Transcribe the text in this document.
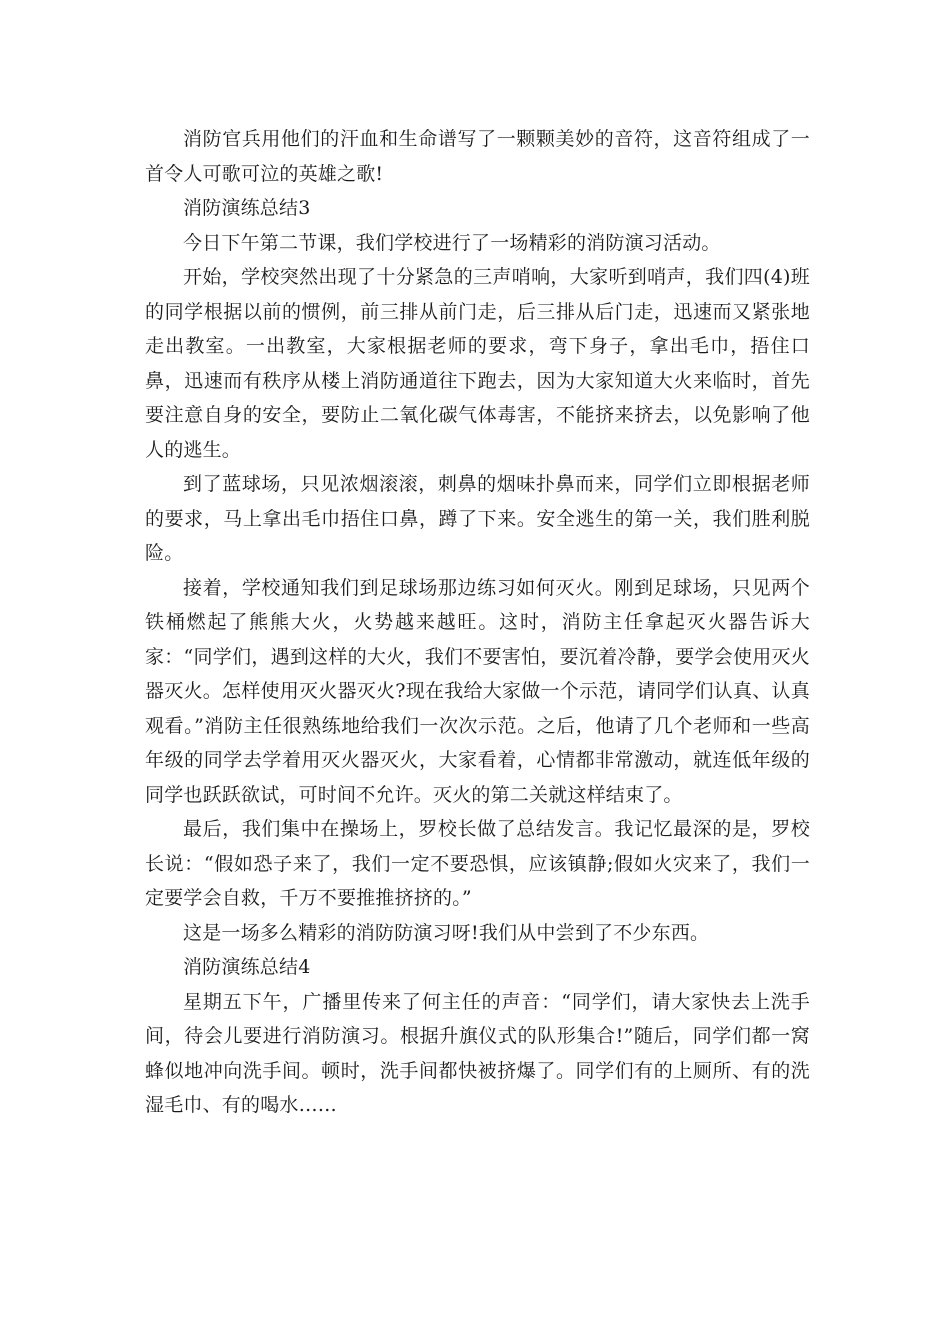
消防官兵用他们的汗血和生命谱写了一颗颗美妙的音符，这音符组成了一首令人可歌可泣的英雄之歌!

消防演练总结3

今日下午第二节课，我们学校进行了一场精彩的消防演习活动。

开始，学校突然出现了十分紧急的三声哨响，大家听到哨声，我们四(4)班的同学根据以前的惯例，前三排从前门走，后三排从后门走，迅速而又紧张地走出教室。一出教室，大家根据老师的要求，弯下身子，拿出毛巾，捂住口鼻，迅速而有秩序从楼上消防通道往下跑去，因为大家知道大火来临时，首先要注意自身的安全，要防止二氧化碳气体毒害，不能挤来挤去，以免影响了他人的逃生。

到了蓝球场，只见浓烟滚滚，刺鼻的烟味扑鼻而来，同学们立即根据老师的要求，马上拿出毛巾捂住口鼻，蹲了下来。安全逃生的第一关，我们胜利脱险。

接着，学校通知我们到足球场那边练习如何灭火。刚到足球场，只见两个铁桶燃起了熊熊大火，火势越来越旺。这时，消防主任拿起灭火器告诉大家：“同学们，遇到这样的大火，我们不要害怕，要沉着冷静，要学会使用灭火器灭火。怎样使用灭火器灭火?现在我给大家做一个示范，请同学们认真、认真观看。”消防主任很熟练地给我们一次次示范。之后，他请了几个老师和一些高年级的同学去学着用灭火器灭火，大家看着，心情都非常激动，就连低年级的同学也跃跃欲试，可时间不允许。灭火的第二关就这样结束了。

最后，我们集中在操场上，罗校长做了总结发言。我记忆最深的是，罗校长说：“假如恐子来了，我们一定不要恐惧，应该镇静;假如火灾来了，我们一定要学会自救，千万不要推推挤挤的。”

这是一场多么精彩的消防防演习呀!我们从中尝到了不少东西。

消防演练总结4

星期五下午，广播里传来了何主任的声音：“同学们，请大家快去上洗手间，待会儿要进行消防演习。根据升旗仪式的队形集合!”随后，同学们都一窝蜂似地冲向洗手间。顿时，洗手间都快被挤爆了。同学们有的上厕所、有的洗湿毛巾、有的喝水……
